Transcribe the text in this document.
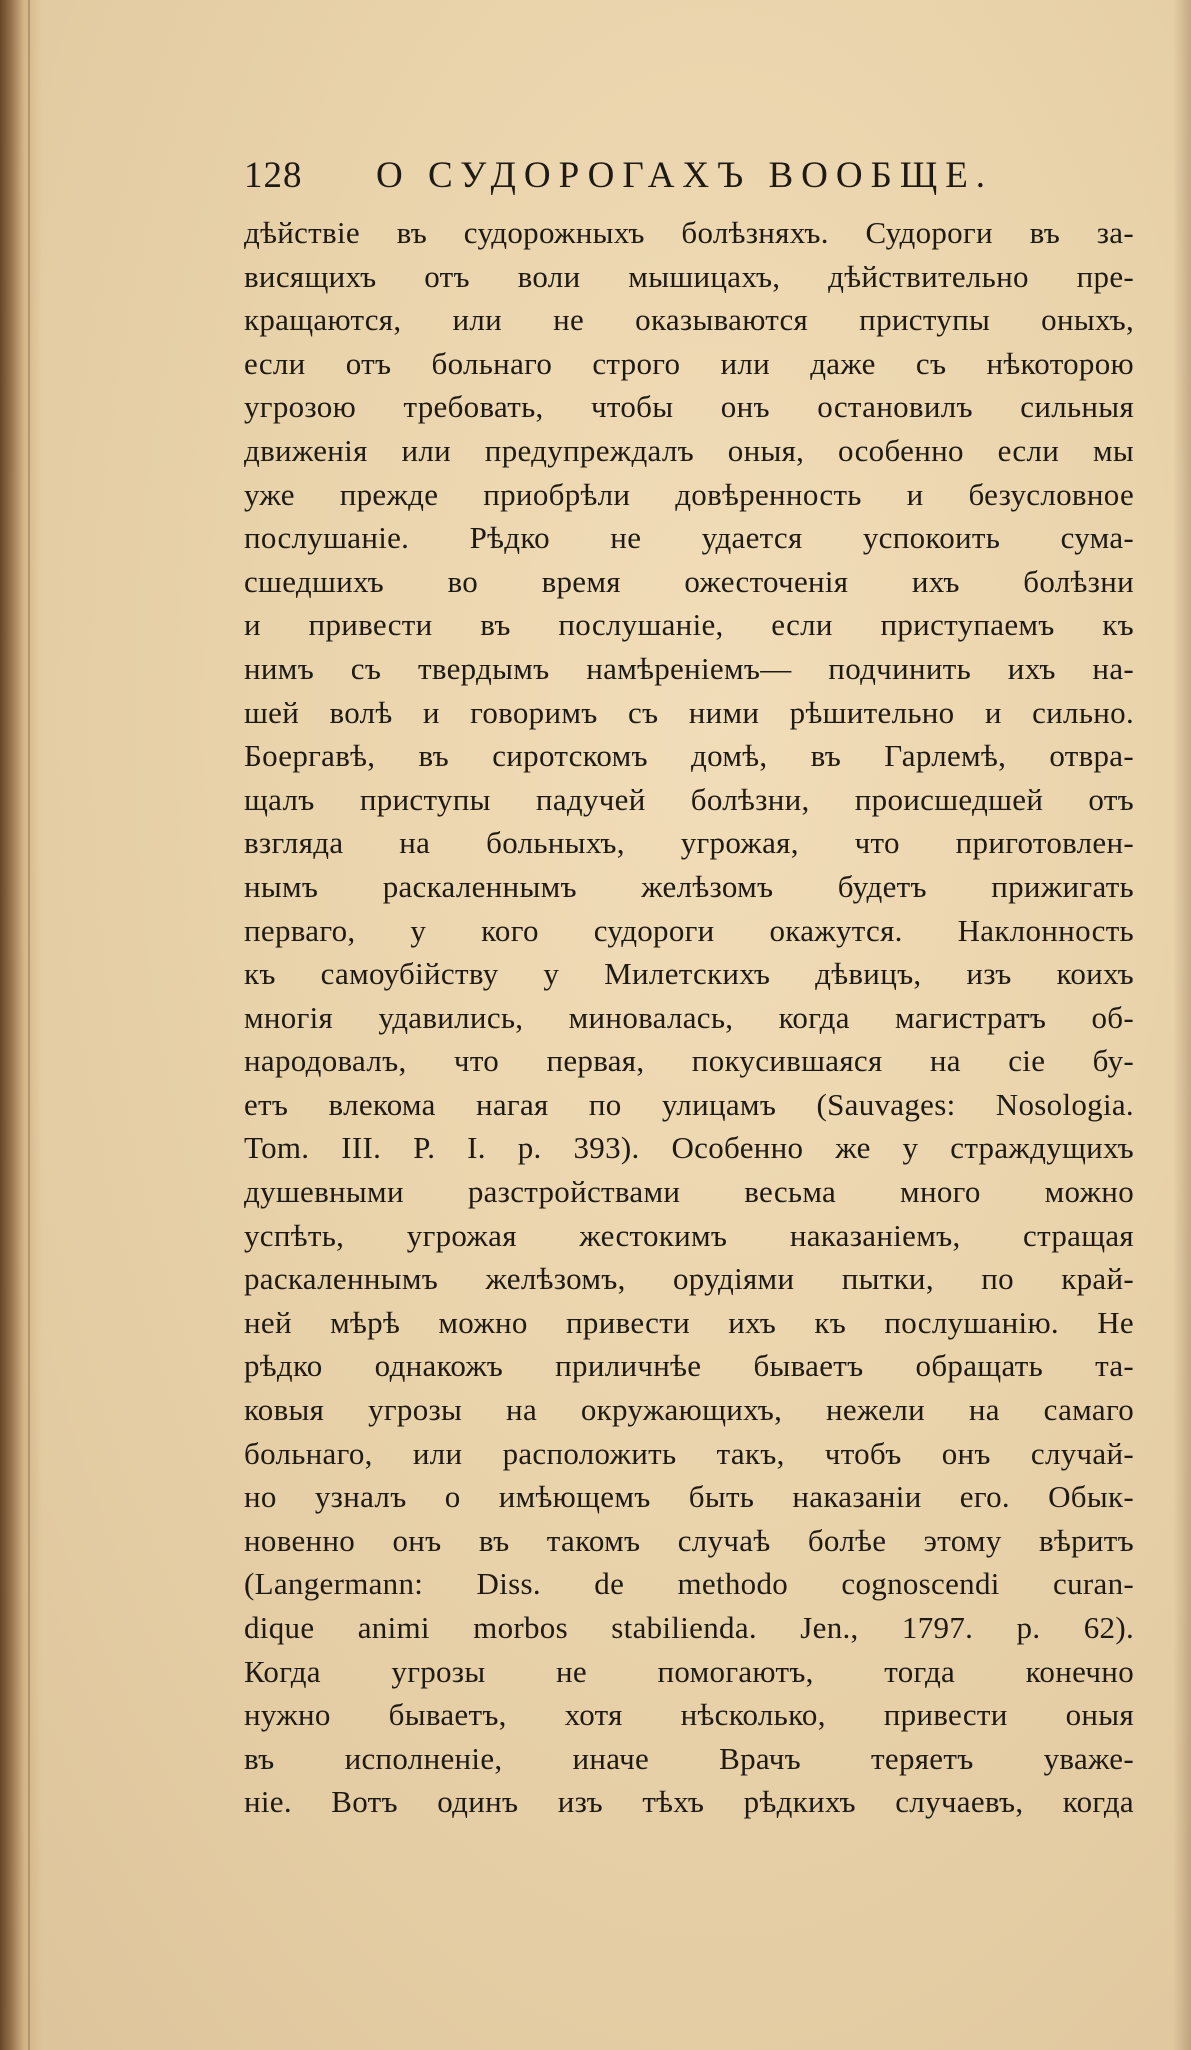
128 О СУДОРОГАХЪ ВООБЩЕ.
дѣйствіе въ судорожныхъ болѣзняхъ. Судороги въ за-
висящихъ отъ воли мышицахъ, дѣйствительно пре-
кращаются, или не оказываются приступы оныхъ,
если отъ больнаго строго или даже съ нѣкоторою
угрозою требовать, чтобы онъ остановилъ сильныя
движенія или предупреждалъ оныя, особенно если мы
уже прежде приобрѣли довѣренность и безусловное
послушаніе. Рѣдко не удается успокоить сума-
сшедшихъ во время ожесточенія ихъ болѣзни
и привести въ послушаніе, если приступаемъ къ
нимъ съ твердымъ намѣреніемъ— подчинить ихъ на-
шей волѣ и говоримъ съ ними рѣшительно и сильно.
Боергавѣ, въ сиротскомъ домѣ, въ Гарлемѣ, отвра-
щалъ приступы падучей болѣзни, происшедшей отъ
взгляда на больныхъ, угрожая, что приготовлен-
нымъ раскаленнымъ желѣзомъ будетъ прижигать
перваго, у кого судороги окажутся. Наклонность
къ самоубійству у Милетскихъ дѣвицъ, изъ коихъ
многія удавились, миновалась, когда магистратъ об-
народовалъ, что первая, покусившаяся на сіе бу-
етъ влекома нагая по улицамъ (Sauvages: Nosologia.
Tom. III. P. I. p. 393). Особенно же у страждущихъ
душевными разстройствами весьма много можно
успѣть, угрожая жестокимъ наказаніемъ, стращая
раскаленнымъ желѣзомъ, орудіями пытки, по край-
ней мѣрѣ можно привести ихъ къ послушанію. Не
рѣдко однакожъ приличнѣе бываетъ обращать та-
ковыя угрозы на окружающихъ, нежели на самаго
больнаго, или расположить такъ, чтобъ онъ случай-
но узналъ о имѣющемъ быть наказаніи его. Обык-
новенно онъ въ такомъ случаѣ болѣе этому вѣритъ
(Langermann: Diss. de methodo cognoscendi curan-
dique animi morbos stabilienda. Jen., 1797. p. 62).
Когда угрозы не помогаютъ, тогда конечно
нужно бываетъ, хотя нѣсколько, привести оныя
въ исполненіе, иначе Врачъ теряетъ уваже-
ніе. Вотъ одинъ изъ тѣхъ рѣдкихъ случаевъ, когда
